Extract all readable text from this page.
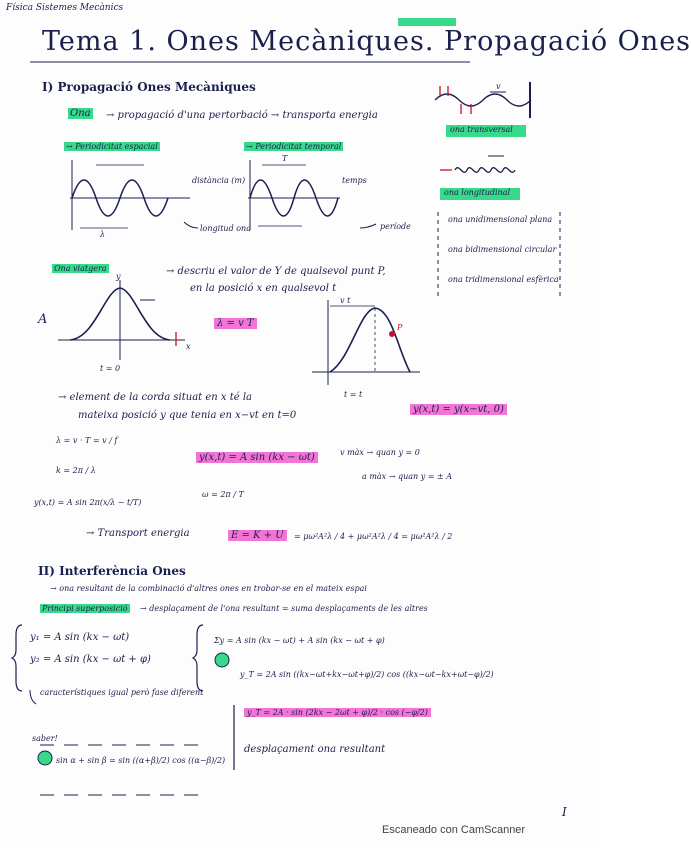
Física Sistemes Mecànics
Tema 1. Ones Mecàniques. Propagació Ones
I
I) Propagació Ones Mecàniques
Ona → propagació d'una pertorbació → transporta energia
→ Periodicitat espacial	→ Periodicitat temporal
distància (m)	temps
longitud ona	període
λ
T
ona transversal
ona longitudinal
v
ona unidimensional plana
ona bidimensional circular
ona tridimensional esfèrica
Ona viatgera	→ descriu el valor de Y de qualsevol punt P,
en la posició x en qualsevol t
A
y
x
P
v t
t = 0
t = t
λ = v T
→ element de la corda situat en x té la
mateixa posició y que tenia en x−vt en t=0
y(x,t) = y(x−vt, 0)
λ = v · T = v / f
k = 2π / λ
y(x,t) = A sin 2π(x/λ − t/T)
y(x,t) = A sin (kx − ωt)
ω = 2π / T
v màx → quan y = 0
a màx → quan y = ± A
→ Transport energia	E = K + U	= μω²A²λ / 4 + μω²A²λ / 4 = μω²A²λ / 2
II) Interferència Ones
→ ona resultant de la combinació d'altres ones en trobar-se en el mateix espai
Principi superposició → desplaçament de l'ona resultant = suma desplaçaments de les altres
y₁ = A sin (kx − ωt)
y₂ = A sin (kx − ωt + φ)
Σy = A sin (kx − ωt) + A sin (kx − ωt + φ)
y_T = 2A sin ((kx−ωt+kx−ωt+φ)/2) cos ((kx−ωt−kx+ωt−φ)/2)
y_T = 2A · sin (2kx − 2ωt + φ)/2 · cos (−φ/2)
característiques igual però fase diferent
desplaçament ona resultant
saber!
sin α + sin β = sin ((α+β)/2) cos ((α−β)/2)
Escaneado con CamScanner
